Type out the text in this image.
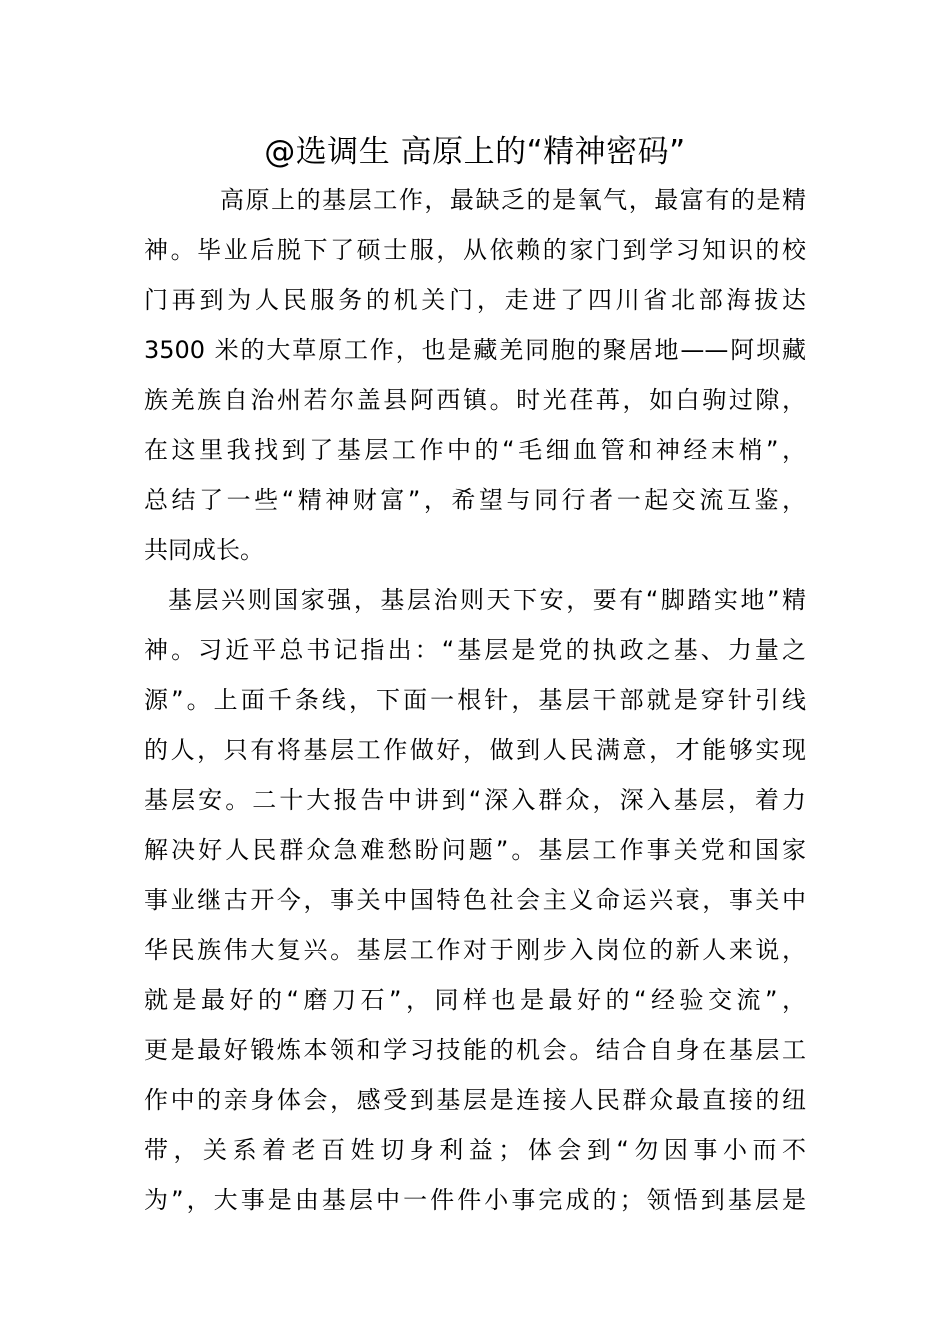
@选调生 高原上的“精神密码”
高原上的基层工作，最缺乏的是氧气，最富有的是精
神。毕业后脱下了硕士服，从依赖的家门到学习知识的校
门再到为人民服务的机关门，走进了四川省北部海拔达
3500 米的大草原工作，也是藏羌同胞的聚居地——阿坝藏
族羌族自治州若尔盖县阿西镇。时光荏苒，如白驹过隙，
在这里我找到了基层工作中的“毛细血管和神经末梢”，
总结了一些“精神财富”，希望与同行者一起交流互鉴，
共同成长。
基层兴则国家强，基层治则天下安，要有“脚踏实地”精
神。习近平总书记指出：“基层是党的执政之基、力量之
源”。上面千条线，下面一根针，基层干部就是穿针引线
的人，只有将基层工作做好，做到人民满意，才能够实现
基层安。二十大报告中讲到“深入群众，深入基层，着力
解决好人民群众急难愁盼问题”。基层工作事关党和国家
事业继古开今，事关中国特色社会主义命运兴衰，事关中
华民族伟大复兴。基层工作对于刚步入岗位的新人来说，
就是最好的“磨刀石”，同样也是最好的“经验交流”，
更是最好锻炼本领和学习技能的机会。结合自身在基层工
作中的亲身体会，感受到基层是连接人民群众最直接的纽
带，关系着老百姓切身利益；体会到“勿因事小而不
为”，大事是由基层中一件件小事完成的；领悟到基层是
